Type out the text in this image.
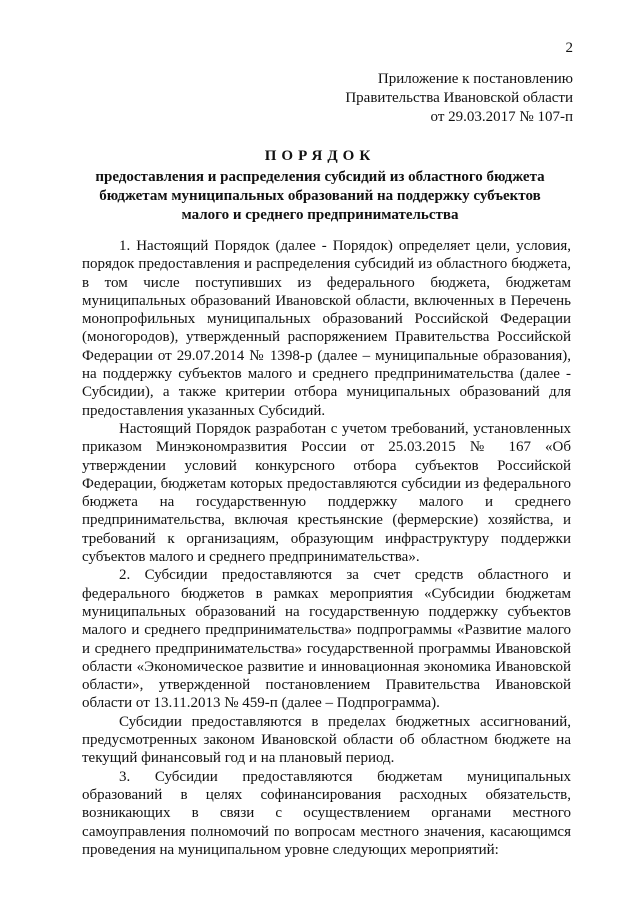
2
Приложение к постановлению
Правительства Ивановской области
от 29.03.2017 № 107-п
ПОРЯДОК
предоставления и распределения субсидий из областного бюджета
бюджетам муниципальных образований на поддержку субъектов
малого и среднего предпринимательства

1. Настоящий Порядок (далее - Порядок) определяет цели, условия, порядок предоставления и распределения субсидий из областного бюджета, в том числе поступивших из федерального бюджета, бюджетам муниципальных образований Ивановской области, включенных в Перечень монопрофильных муниципальных образований Российской Федерации (моногородов), утвержденный распоряжением Правительства Российской Федерации от 29.07.2014 № 1398-р (далее – муниципальные образования), на поддержку субъектов малого и среднего предпринимательства (далее - Субсидии), а также критерии отбора муниципальных образований для предоставления указанных Субсидий.

Настоящий Порядок разработан с учетом требований, установленных приказом Минэкономразвития России от 25.03.2015 № 167 «Об утверждении условий конкурсного отбора субъектов Российской Федерации, бюджетам которых предоставляются субсидии из федерального бюджета на государственную поддержку малого и среднего предпринимательства, включая крестьянские (фермерские) хозяйства, и требований к организациям, образующим инфраструктуру поддержки субъектов малого и среднего предпринимательства».

2. Субсидии предоставляются за счет средств областного и федерального бюджетов в рамках мероприятия «Субсидии бюджетам муниципальных образований на государственную поддержку субъектов малого и среднего предпринимательства» подпрограммы «Развитие малого и среднего предпринимательства» государственной программы Ивановской области «Экономическое развитие и инновационная экономика Ивановской области», утвержденной постановлением Правительства Ивановской области от 13.11.2013 № 459-п (далее – Подпрограмма).

Субсидии предоставляются в пределах бюджетных ассигнований, предусмотренных законом Ивановской области об областном бюджете на текущий финансовый год и на плановый период.

3. Субсидии предоставляются бюджетам муниципальных образований в целях софинансирования расходных обязательств, возникающих в связи с осуществлением органами местного самоуправления полномочий по вопросам местного значения, касающимся проведения на муниципальном уровне следующих мероприятий:
